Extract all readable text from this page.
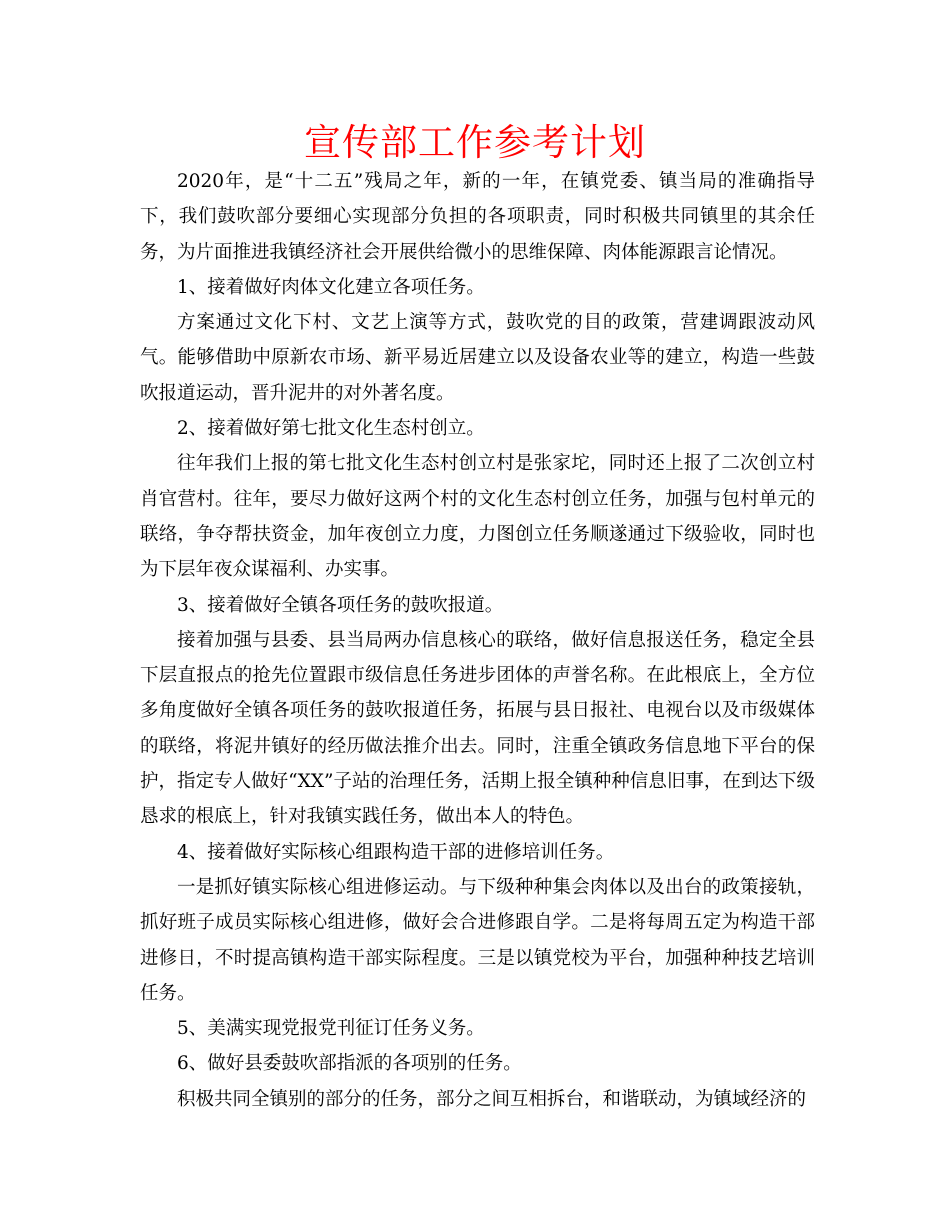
宣传部工作参考计划

2020年，是“十二五”残局之年，新的一年，在镇党委、镇当局的准确指导下，我们鼓吹部分要细心实现部分负担的各项职责，同时积极共同镇里的其余任务，为片面推进我镇经济社会开展供给微小的思维保障、肉体能源跟言论情况。

1、接着做好肉体文化建立各项任务。

方案通过文化下村、文艺上演等方式，鼓吹党的目的政策，营建调跟波动风气。能够借助中原新农市场、新平易近居建立以及设备农业等的建立，构造一些鼓吹报道运动，晋升泥井的对外著名度。

2、接着做好第七批文化生态村创立。

往年我们上报的第七批文化生态村创立村是张家坨，同时还上报了二次创立村肖官营村。往年，要尽力做好这两个村的文化生态村创立任务，加强与包村单元的联络，争夺帮扶资金，加年夜创立力度，力图创立任务顺遂通过下级验收，同时也为下层年夜众谋福利、办实事。

3、接着做好全镇各项任务的鼓吹报道。

接着加强与县委、县当局两办信息核心的联络，做好信息报送任务，稳定全县下层直报点的抢先位置跟市级信息任务进步团体的声誉名称。在此根底上，全方位多角度做好全镇各项任务的鼓吹报道任务，拓展与县日报社、电视台以及市级媒体的联络，将泥井镇好的经历做法推介出去。同时，注重全镇政务信息地下平台的保护，指定专人做好“XX”子站的治理任务，活期上报全镇种种信息旧事，在到达下级恳求的根底上，针对我镇实践任务，做出本人的特色。

4、接着做好实际核心组跟构造干部的进修培训任务。

一是抓好镇实际核心组进修运动。与下级种种集会肉体以及出台的政策接轨，抓好班子成员实际核心组进修，做好会合进修跟自学。二是将每周五定为构造干部进修日，不时提高镇构造干部实际程度。三是以镇党校为平台，加强种种技艺培训任务。

5、美满实现党报党刊征订任务义务。

6、做好县委鼓吹部指派的各项别的任务。

积极共同全镇别的部分的任务，部分之间互相拆台，和谐联动，为镇域经济的
